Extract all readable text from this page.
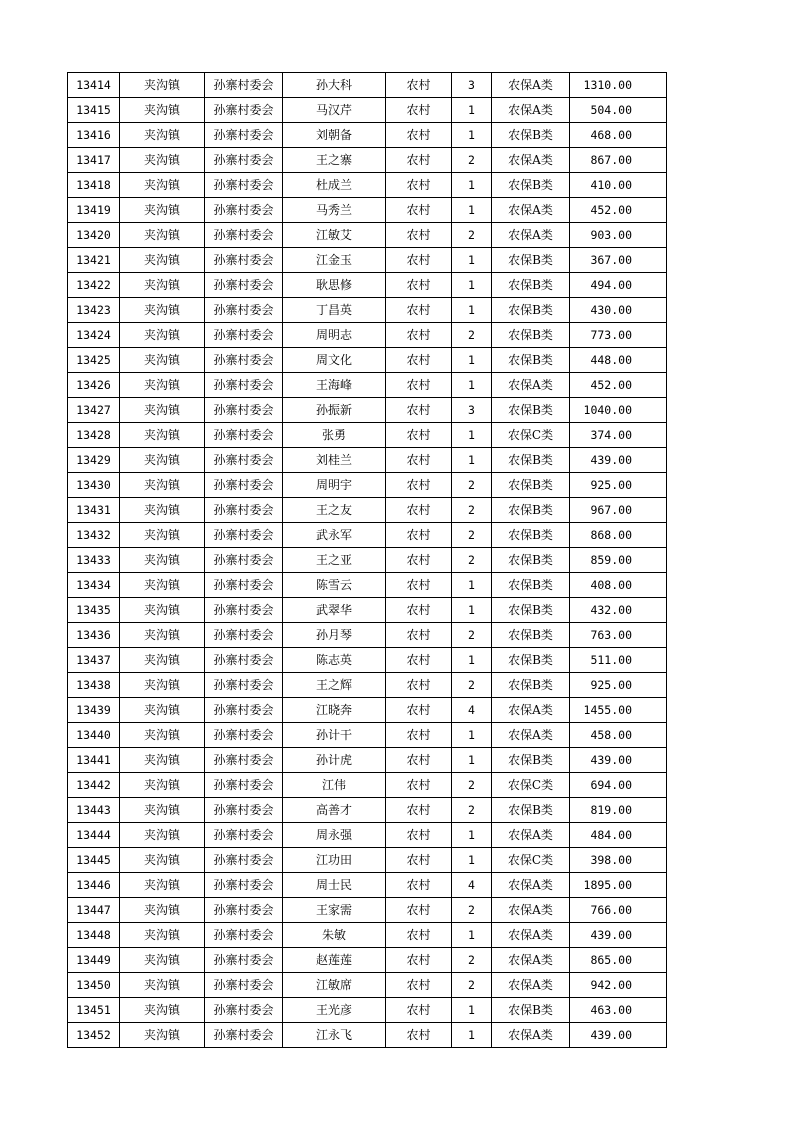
13414	夹沟镇	孙寨村委会	孙大科	农村	3	农保A类	1310.00
13415	夹沟镇	孙寨村委会	马汉芹	农村	1	农保A类	504.00
13416	夹沟镇	孙寨村委会	刘朝备	农村	1	农保B类	468.00
13417	夹沟镇	孙寨村委会	王之寨	农村	2	农保A类	867.00
13418	夹沟镇	孙寨村委会	杜成兰	农村	1	农保B类	410.00
13419	夹沟镇	孙寨村委会	马秀兰	农村	1	农保A类	452.00
13420	夹沟镇	孙寨村委会	江敏艾	农村	2	农保A类	903.00
13421	夹沟镇	孙寨村委会	江金玉	农村	1	农保B类	367.00
13422	夹沟镇	孙寨村委会	耿思修	农村	1	农保B类	494.00
13423	夹沟镇	孙寨村委会	丁昌英	农村	1	农保B类	430.00
13424	夹沟镇	孙寨村委会	周明志	农村	2	农保B类	773.00
13425	夹沟镇	孙寨村委会	周文化	农村	1	农保B类	448.00
13426	夹沟镇	孙寨村委会	王海峰	农村	1	农保A类	452.00
13427	夹沟镇	孙寨村委会	孙振新	农村	3	农保B类	1040.00
13428	夹沟镇	孙寨村委会	张勇	农村	1	农保C类	374.00
13429	夹沟镇	孙寨村委会	刘桂兰	农村	1	农保B类	439.00
13430	夹沟镇	孙寨村委会	周明宇	农村	2	农保B类	925.00
13431	夹沟镇	孙寨村委会	王之友	农村	2	农保B类	967.00
13432	夹沟镇	孙寨村委会	武永军	农村	2	农保B类	868.00
13433	夹沟镇	孙寨村委会	王之亚	农村	2	农保B类	859.00
13434	夹沟镇	孙寨村委会	陈雪云	农村	1	农保B类	408.00
13435	夹沟镇	孙寨村委会	武翠华	农村	1	农保B类	432.00
13436	夹沟镇	孙寨村委会	孙月琴	农村	2	农保B类	763.00
13437	夹沟镇	孙寨村委会	陈志英	农村	1	农保B类	511.00
13438	夹沟镇	孙寨村委会	王之辉	农村	2	农保B类	925.00
13439	夹沟镇	孙寨村委会	江晓奔	农村	4	农保A类	1455.00
13440	夹沟镇	孙寨村委会	孙计干	农村	1	农保A类	458.00
13441	夹沟镇	孙寨村委会	孙计虎	农村	1	农保B类	439.00
13442	夹沟镇	孙寨村委会	江伟	农村	2	农保C类	694.00
13443	夹沟镇	孙寨村委会	高善才	农村	2	农保B类	819.00
13444	夹沟镇	孙寨村委会	周永强	农村	1	农保A类	484.00
13445	夹沟镇	孙寨村委会	江功田	农村	1	农保C类	398.00
13446	夹沟镇	孙寨村委会	周士民	农村	4	农保A类	1895.00
13447	夹沟镇	孙寨村委会	王家需	农村	2	农保A类	766.00
13448	夹沟镇	孙寨村委会	朱敏	农村	1	农保A类	439.00
13449	夹沟镇	孙寨村委会	赵莲莲	农村	2	农保A类	865.00
13450	夹沟镇	孙寨村委会	江敏席	农村	2	农保A类	942.00
13451	夹沟镇	孙寨村委会	王光彦	农村	1	农保B类	463.00
13452	夹沟镇	孙寨村委会	江永飞	农村	1	农保A类	439.00
